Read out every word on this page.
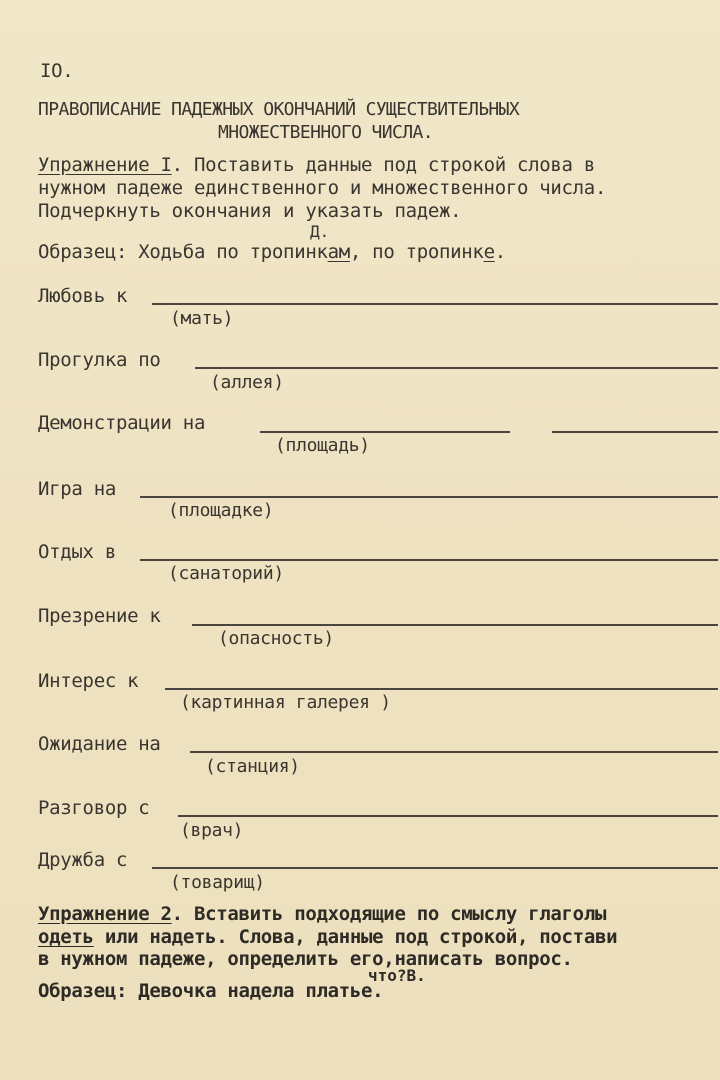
IO.
ПРАВОПИСАНИЕ ПАДЕЖНЫХ ОКОНЧАНИЙ СУЩЕСТВИТЕЛЬНЫХ
МНОЖЕСТВЕННОГО ЧИСЛА.
Упражнение I. Поставить данные под строкой слова в
нужном падеже единственного и множественного числа.
Подчеркнуть окончания и указать падеж.
Д.
Образец: Ходьба по тропинкам, по тропинке.
Любовь к
(мать)
Прогулка по
(аллея)
Демонстрации на
(площадь)
Игра на
(площадке)
Отдых в
(санаторий)
Презрение к
(опасность)
Интерес к
(картинная галерея )
Ожидание на
(станция)
Разговор с
(врач)
Дружба с
(товарищ)
Упражнение 2. Вставить подходящие по смыслу глаголы
одеть или надеть. Слова, данные под строкой, постави
в нужном падеже, определить его,написать вопрос.
что?В.
Образец: Девочка надела платье.
